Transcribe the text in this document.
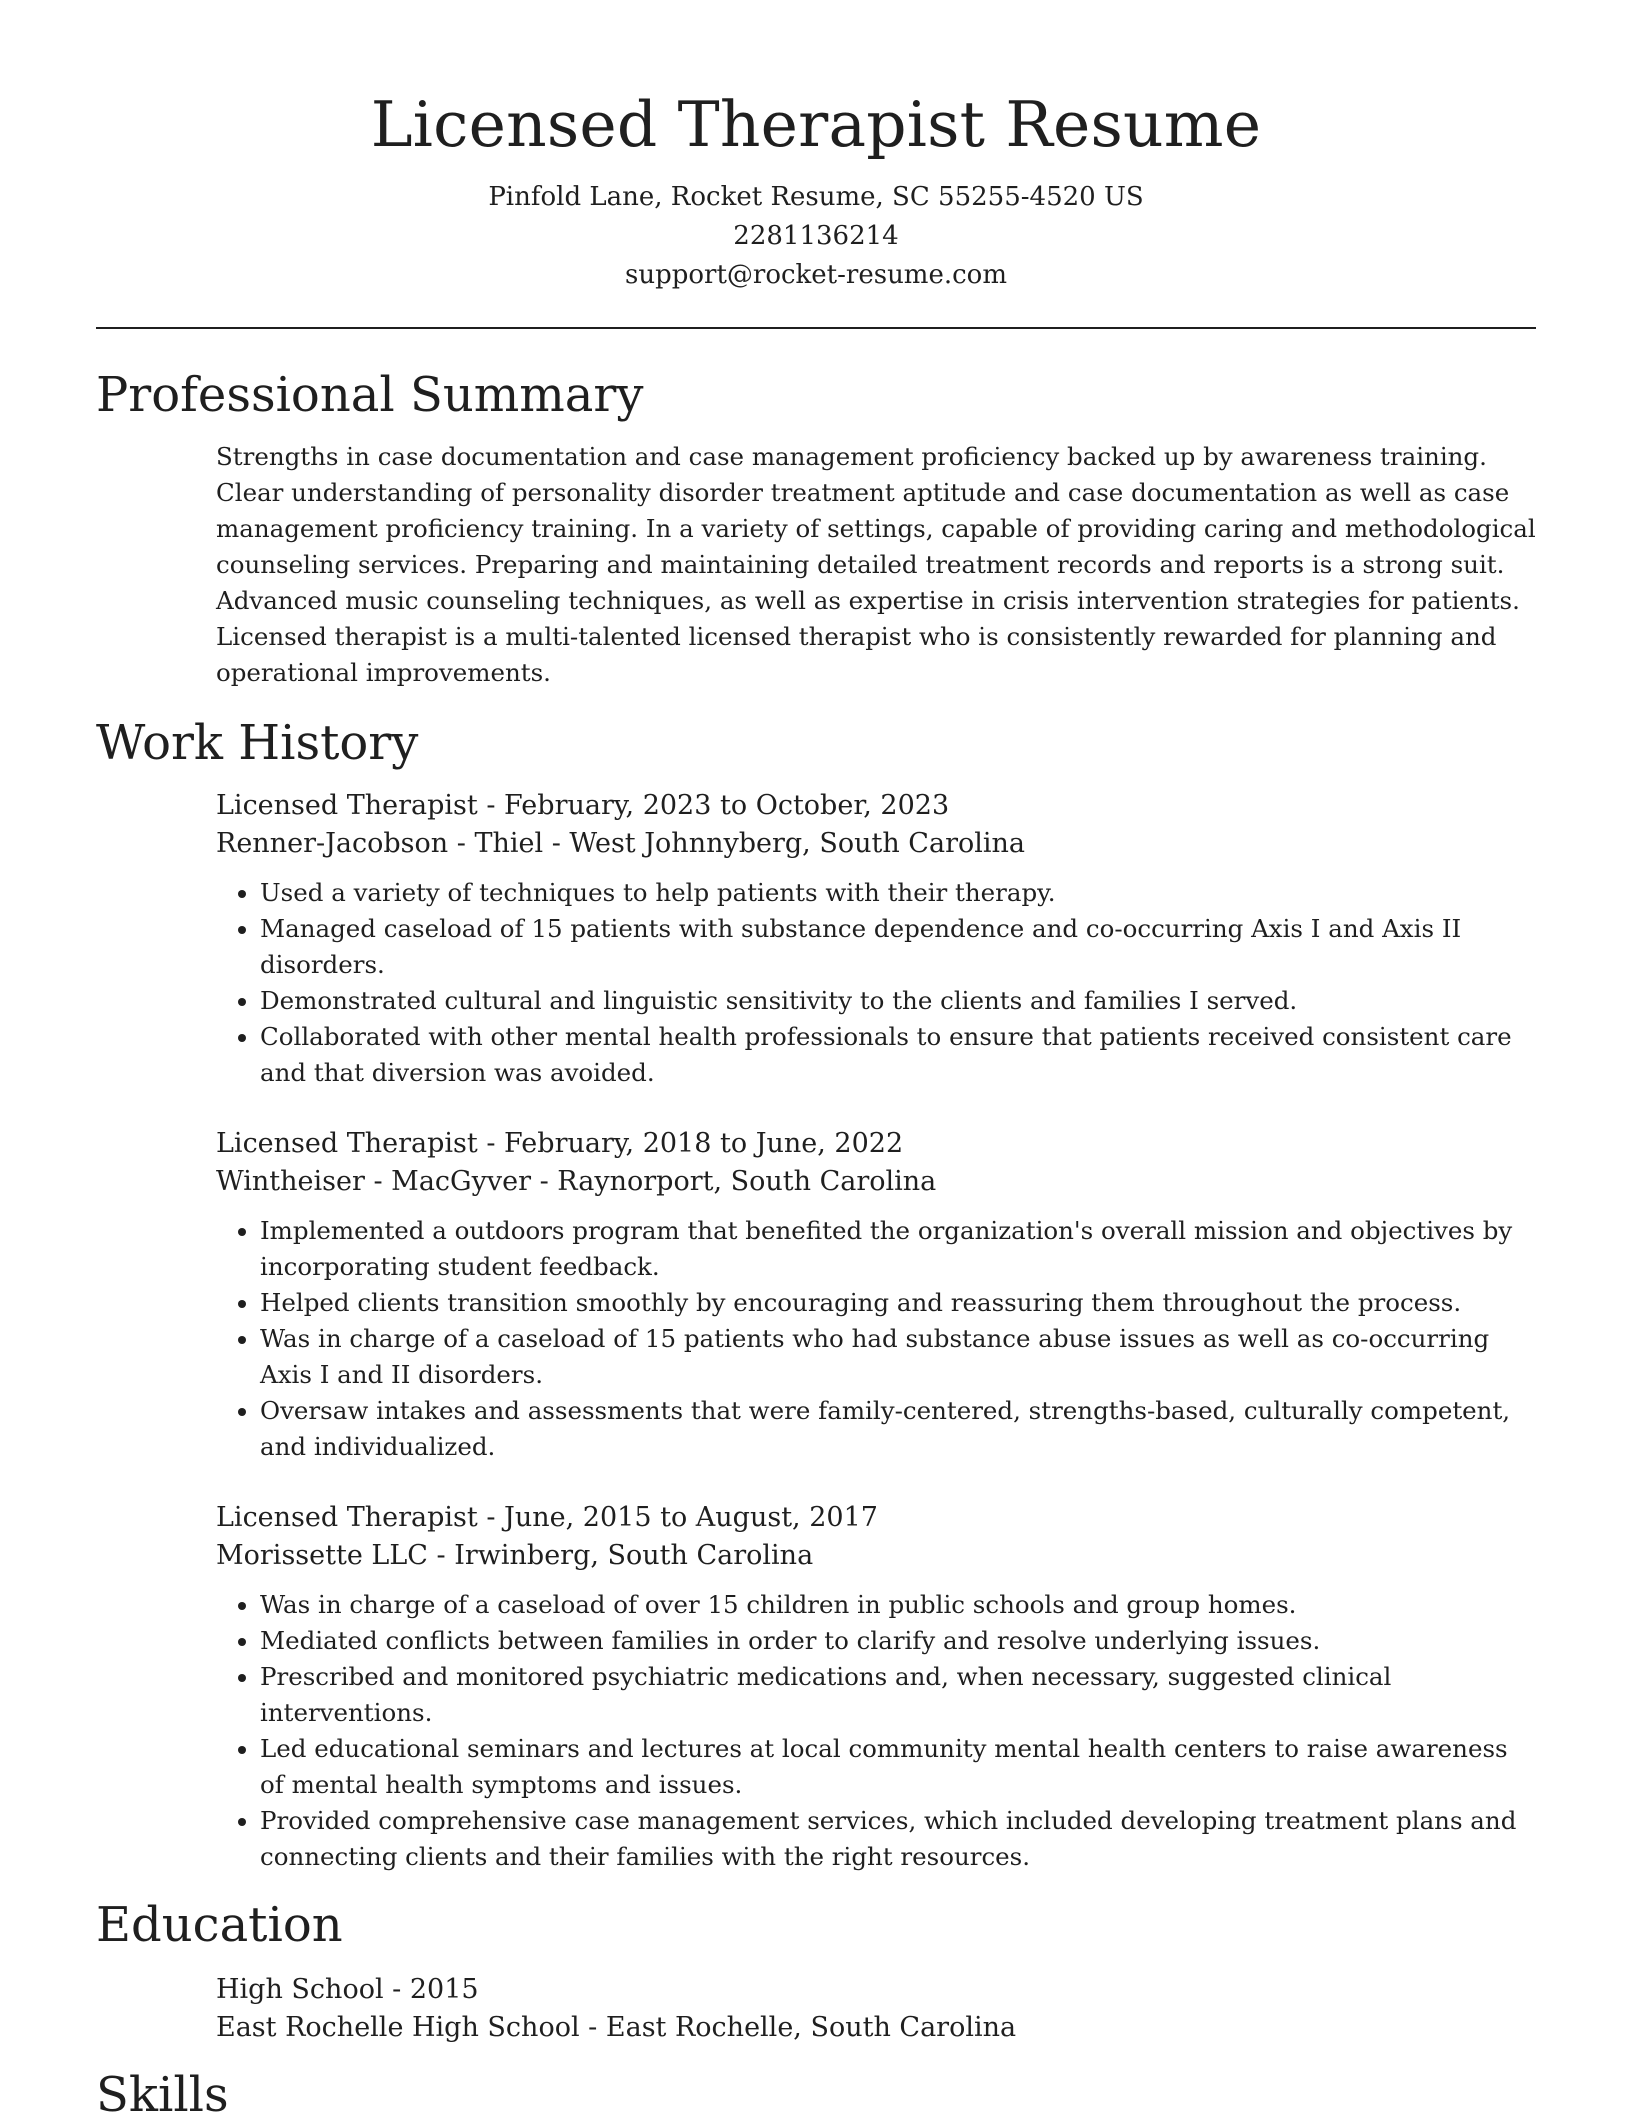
Licensed Therapist Resume

Pinfold Lane, Rocket Resume, SC 55255-4520 US

2281136214

support@rocket-resume.com

Professional Summary

Strengths in case documentation and case management proficiency backed up by awareness training. Clear understanding of personality disorder treatment aptitude and case documentation as well as case management proficiency training. In a variety of settings, capable of providing caring and methodological counseling services. Preparing and maintaining detailed treatment records and reports is a strong suit. Advanced music counseling techniques, as well as expertise in crisis intervention strategies for patients. Licensed therapist is a multi-talented licensed therapist who is consistently rewarded for planning and operational improvements.

Work History

Licensed Therapist - February, 2023 to October, 2023

Renner-Jacobson - Thiel - West Johnnyberg, South Carolina

• Used a variety of techniques to help patients with their therapy.
• Managed caseload of 15 patients with substance dependence and co-occurring Axis I and Axis II disorders.
• Demonstrated cultural and linguistic sensitivity to the clients and families I served.
• Collaborated with other mental health professionals to ensure that patients received consistent care and that diversion was avoided.

Licensed Therapist - February, 2018 to June, 2022

Wintheiser - MacGyver - Raynorport, South Carolina

• Implemented a outdoors program that benefited the organization's overall mission and objectives by incorporating student feedback.
• Helped clients transition smoothly by encouraging and reassuring them throughout the process.
• Was in charge of a caseload of 15 patients who had substance abuse issues as well as co-occurring Axis I and II disorders.
• Oversaw intakes and assessments that were family-centered, strengths-based, culturally competent, and individualized.

Licensed Therapist - June, 2015 to August, 2017

Morissette LLC - Irwinberg, South Carolina

• Was in charge of a caseload of over 15 children in public schools and group homes.
• Mediated conflicts between families in order to clarify and resolve underlying issues.
• Prescribed and monitored psychiatric medications and, when necessary, suggested clinical interventions.
• Led educational seminars and lectures at local community mental health centers to raise awareness of mental health symptoms and issues.
• Provided comprehensive case management services, which included developing treatment plans and connecting clients and their families with the right resources.
Education

High School - 2015

East Rochelle High School - East Rochelle, South Carolina

Skills
